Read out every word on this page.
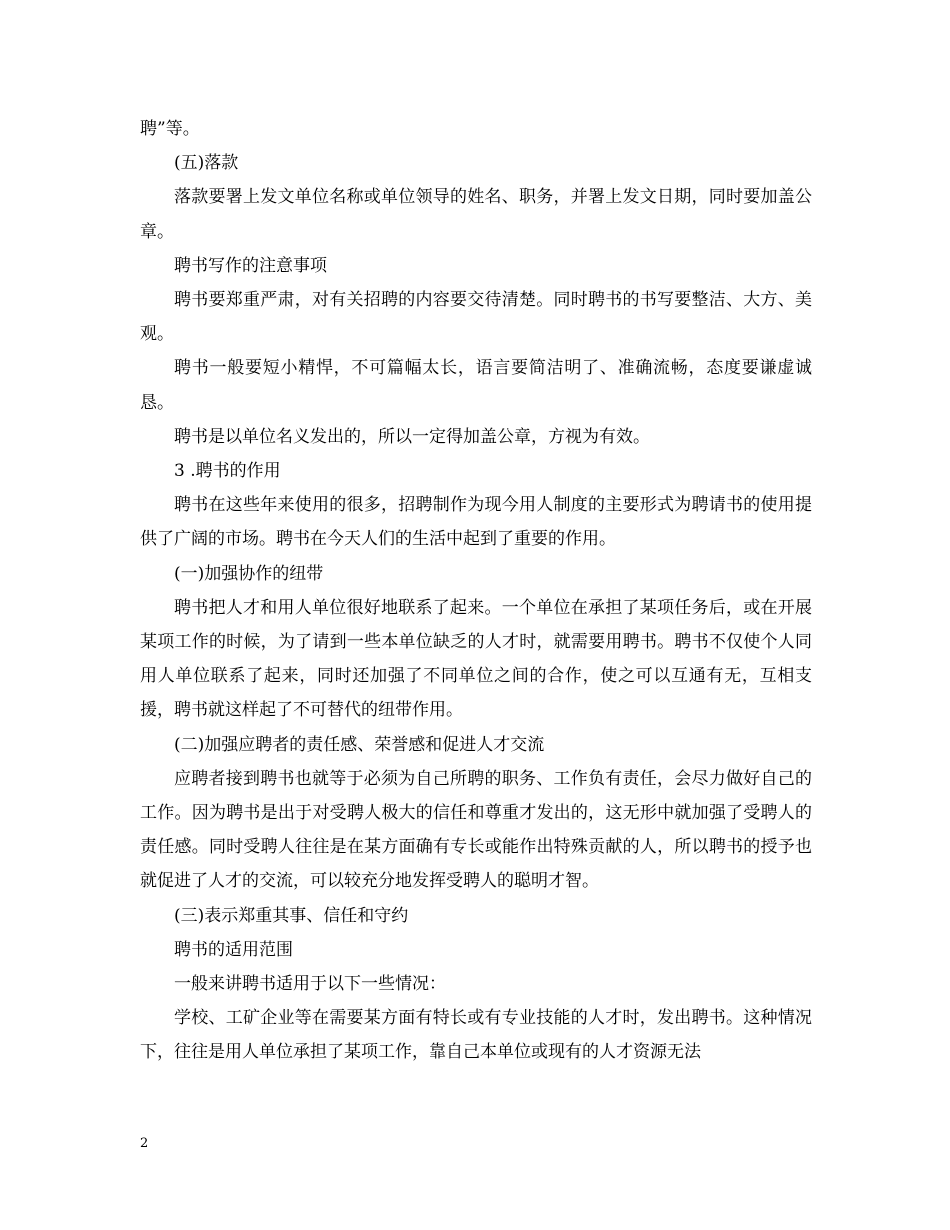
聘”等。

(五)落款

落款要署上发文单位名称或单位领导的姓名、职务，并署上发文日期，同时要加盖公章。

聘书写作的注意事项

聘书要郑重严肃，对有关招聘的内容要交待清楚。同时聘书的书写要整洁、大方、美观。

聘书一般要短小精悍，不可篇幅太长，语言要简洁明了、准确流畅，态度要谦虚诚恳。

聘书是以单位名义发出的，所以一定得加盖公章，方视为有效。

3 .聘书的作用

聘书在这些年来使用的很多，招聘制作为现今用人制度的主要形式为聘请书的使用提供了广阔的市场。聘书在今天人们的生活中起到了重要的作用。

(一)加强协作的纽带

聘书把人才和用人单位很好地联系了起来。一个单位在承担了某项任务后，或在开展某项工作的时候，为了请到一些本单位缺乏的人才时，就需要用聘书。聘书不仅使个人同用人单位联系了起来，同时还加强了不同单位之间的合作，使之可以互通有无，互相支援，聘书就这样起了不可替代的纽带作用。

(二)加强应聘者的责任感、荣誉感和促进人才交流

应聘者接到聘书也就等于必须为自己所聘的职务、工作负有责任，会尽力做好自己的工作。因为聘书是出于对受聘人极大的信任和尊重才发出的，这无形中就加强了受聘人的责任感。同时受聘人往往是在某方面确有专长或能作出特殊贡献的人，所以聘书的授予也就促进了人才的交流，可以较充分地发挥受聘人的聪明才智。

(三)表示郑重其事、信任和守约

聘书的适用范围

一般来讲聘书适用于以下一些情况：

学校、工矿企业等在需要某方面有特长或有专业技能的人才时，发出聘书。这种情况下，往往是用人单位承担了某项工作，靠自己本单位或现有的人才资源无法

2
